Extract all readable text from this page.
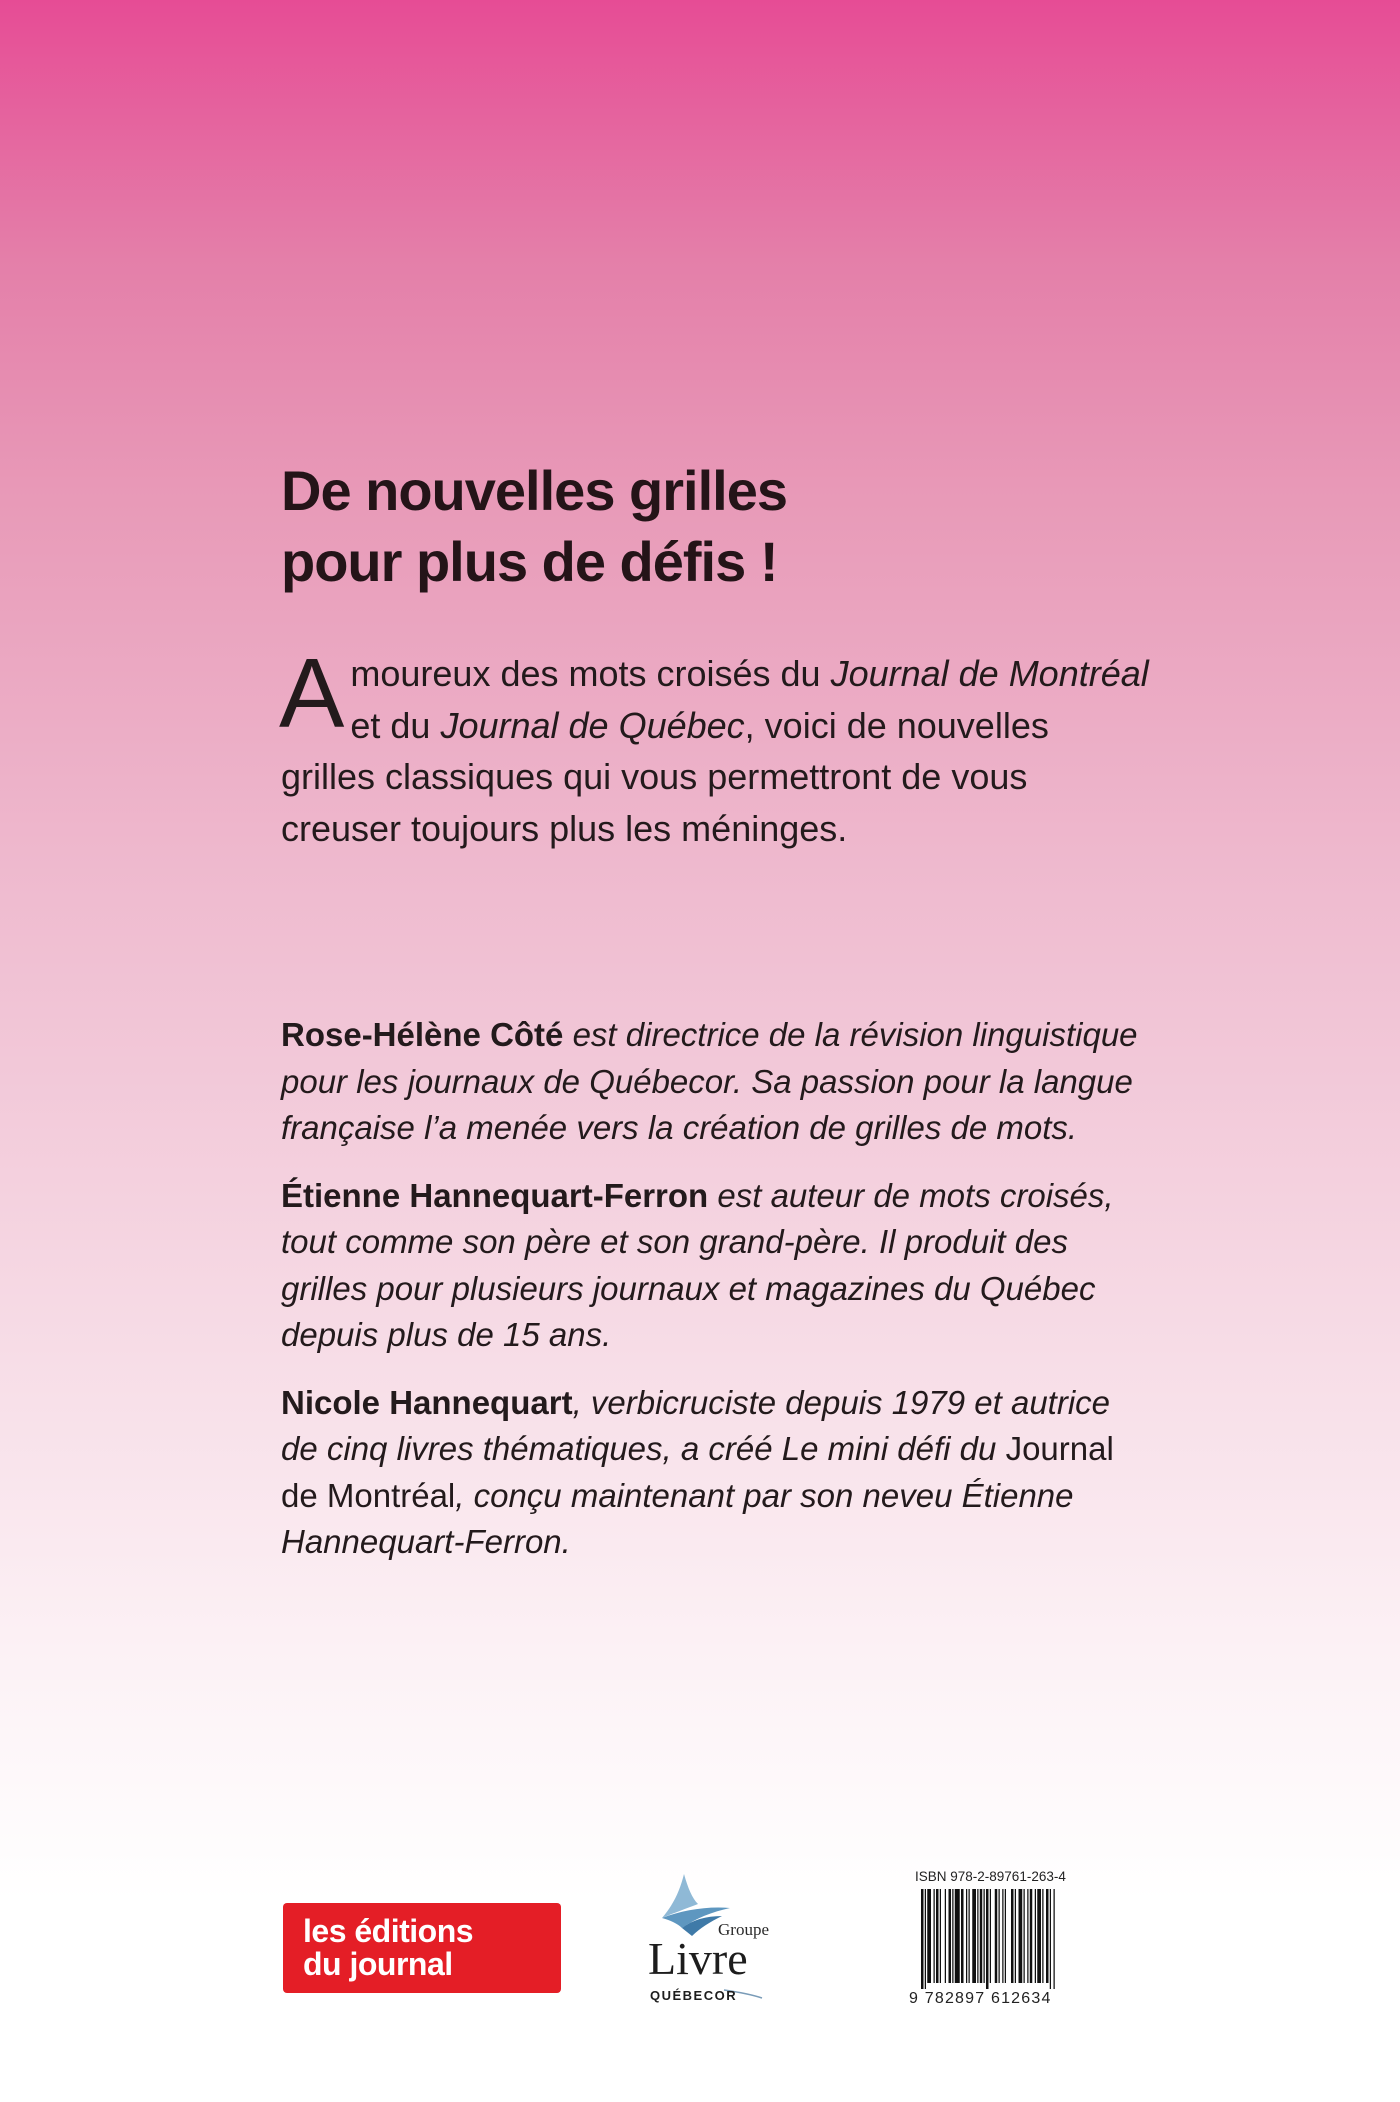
De nouvelles grilles
pour plus de défis !

Amoureux des mots croisés du Journal de Montréal et du Journal de Québec, voici de nouvelles grilles classiques qui vous permettront de vous creuser toujours plus les méninges.

Rose-Hélène Côté est directrice de la révision linguistique pour les journaux de Québecor. Sa passion pour la langue française l’a menée vers la création de grilles de mots.

Étienne Hannequart-Ferron est auteur de mots croisés, tout comme son père et son grand-père. Il produit des grilles pour plusieurs journaux et magazines du Québec depuis plus de 15 ans.

Nicole Hannequart, verbicruciste depuis 1979 et autrice de cinq livres thématiques, a créé Le mini défi du Journal de Montréal, conçu maintenant par son neveu Étienne Hannequart-Ferron.

les éditions
du journal
Groupe
Livre
QUÉBECOR
ISBN 978-2-89761-263-4
9 782897 612634
